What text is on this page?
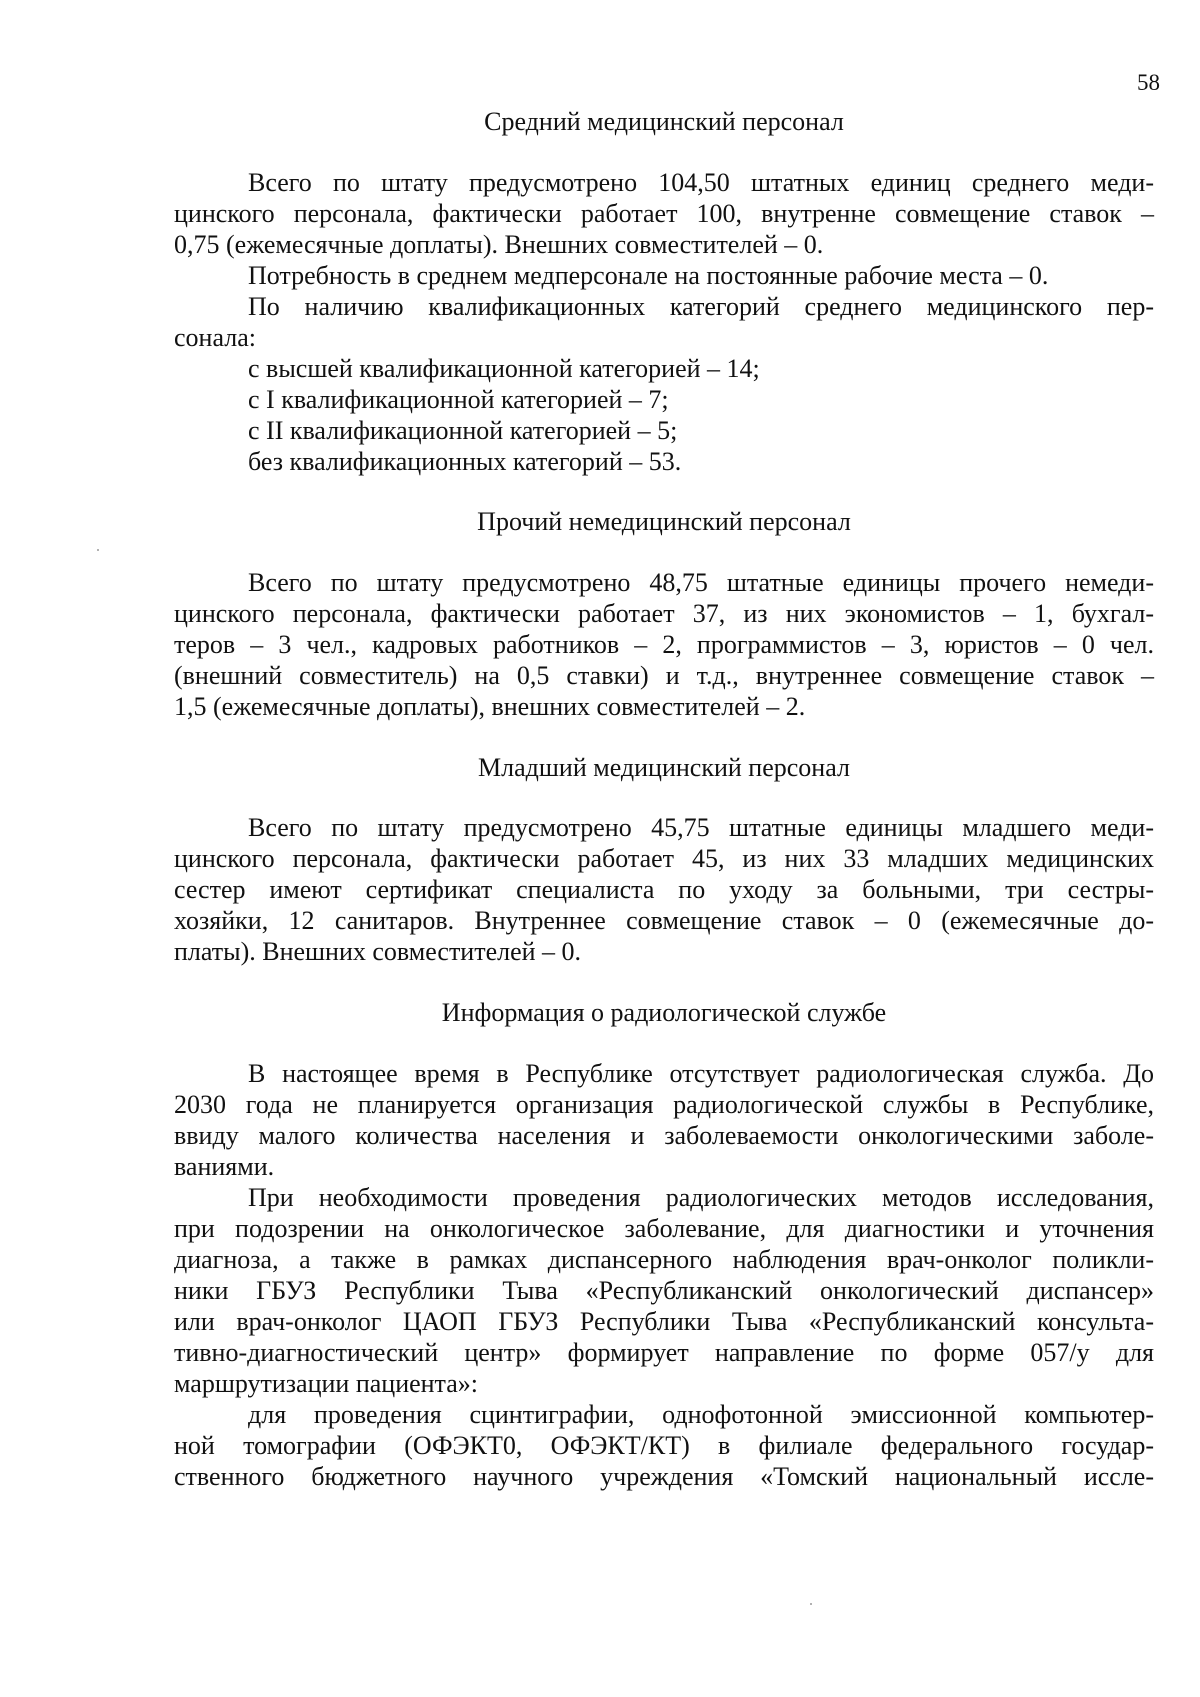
58
Средний медицинский персонал
Всего по штату предусмотрено 104,50 штатных единиц среднего меди-
цинского персонала, фактически работает 100, внутренне совмещение ставок –
0,75 (ежемесячные доплаты). Внешних совместителей – 0.
Потребность в среднем медперсонале на постоянные рабочие места – 0.
По наличию квалификационных категорий среднего медицинского пер-
сонала:
с высшей квалификационной категорией – 14;
с I квалификационной категорией – 7;
с II квалификационной категорией – 5;
без квалификационных категорий – 53.
Прочий немедицинский персонал
Всего по штату предусмотрено 48,75 штатные единицы прочего немеди-
цинского персонала, фактически работает 37, из них экономистов – 1, бухгал-
теров – 3 чел., кадровых работников – 2, программистов – 3, юристов – 0 чел.
(внешний совместитель) на 0,5 ставки) и т.д., внутреннее совмещение ставок –
1,5 (ежемесячные доплаты), внешних совместителей – 2.
Младший медицинский персонал
Всего по штату предусмотрено 45,75 штатные единицы младшего меди-
цинского персонала, фактически работает 45, из них 33 младших медицинских
сестер имеют сертификат специалиста по уходу за больными, три сестры-
хозяйки, 12 санитаров. Внутреннее совмещение ставок – 0 (ежемесячные до-
платы). Внешних совместителей – 0.
Информация о радиологической службе
В настоящее время в Республике отсутствует радиологическая служба. До
2030 года не планируется организация радиологической службы в Республике,
ввиду малого количества населения и заболеваемости онкологическими заболе-
ваниями.
При необходимости проведения радиологических методов исследования,
при подозрении на онкологическое заболевание, для диагностики и уточнения
диагноза, а также в рамках диспансерного наблюдения врач-онколог поликли-
ники ГБУЗ Республики Тыва «Республиканский онкологический диспансер»
или врач-онколог ЦАОП ГБУЗ Республики Тыва «Республиканский консульта-
тивно-диагностический центр» формирует направление по форме 057/у для
маршрутизации пациента»:
для проведения сцинтиграфии, однофотонной эмиссионной компьютер-
ной томографии (ОФЭКТ0, ОФЭКТ/КТ) в филиале федерального государ-
ственного бюджетного научного учреждения «Томский национальный иссле-
